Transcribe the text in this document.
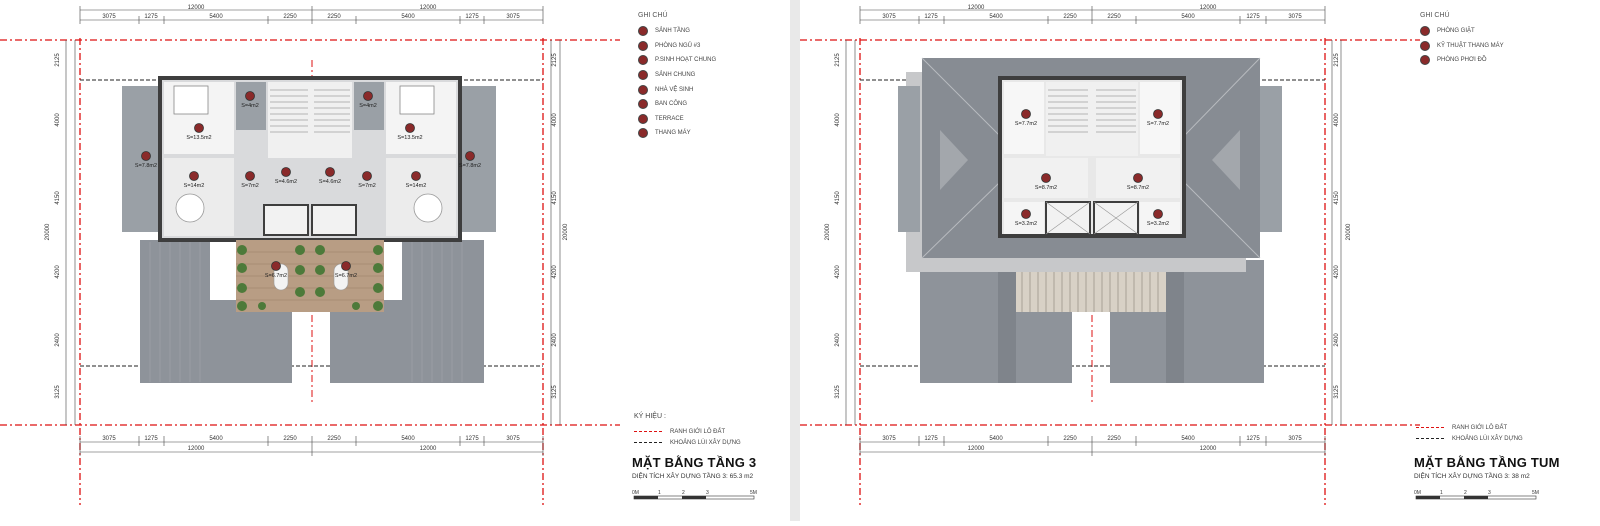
12000	12000
3075	1275	5400	2250	2250	5400	1275	3075
3075	1275	5400	2250	2250	5400	1275	3075
12000	12000
2125
4000
4150
4200
2400
3125
20000
2125
4000
4150
4200
2400
3125
20000
S=4m2	S=4m2
S=13.5m2	S=13.5m2
S=7.8m2	S=7.8m2
S=14m2	S=7m2
S=4.6m2	S=4.6m2
S=7m2	S=14m2
S=6.7m2	S=6.7m2
GHI CHÚ
SẢNH TẦNG
PHÒNG NGỦ #3
P.SINH HOẠT CHUNG
SẢNH CHUNG
NHÀ VỆ SINH
BAN CÔNG
TERRACE
THANG MÁY
KÝ HIỆU :
RANH GIỚI LÔ ĐẤT
KHOẢNG LÙI XÂY DỰNG
MẶT BẰNG TẦNG 3
DIỆN TÍCH XÂY DỰNG TẦNG 3: 65.3 m2
0M	1	2	3	5M
12000	12000
3075	1275	5400	2250	2250	5400	1275	3075
3075	1275	5400	2250	2250	5400	1275	3075
12000	12000
2125
4000
4150
4200
2400
3125
20000
2125
4000
4150
4200
2400
3125
20000
S=7.7m2	S=7.7m2
S=8.7m2	S=8.7m2
S=3.2m2	S=3.2m2
GHI CHÚ
PHÒNG GIẶT
KỸ THUẬT THANG MÁY
PHÒNG PHƠI ĐỒ
RANH GIỚI LÔ ĐẤT
KHOẢNG LÙI XÂY DỰNG
MẶT BẰNG TẦNG TUM
DIỆN TÍCH XÂY DỰNG TẦNG 3: 38 m2
0M	1	2	3	5M
